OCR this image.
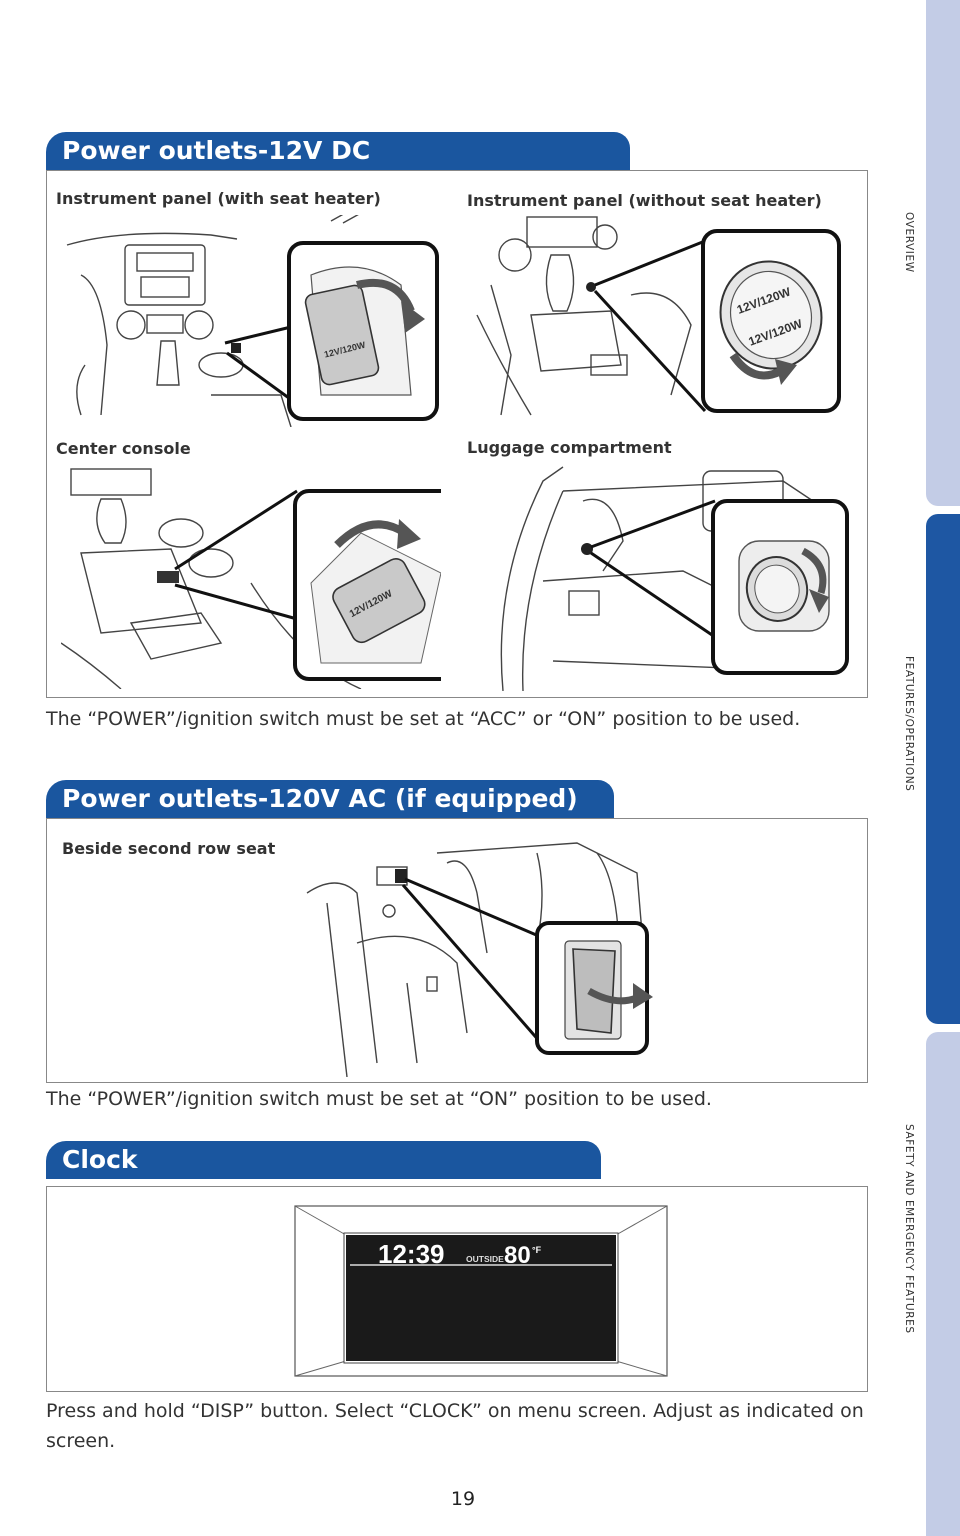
OVERVIEW
FEATURES/OPERATIONS
SAFETY AND EMERGENCY FEATURES
Power outlets-12V DC
Instrument panel (with seat heater)	Instrument panel (without seat heater)
Center console	Luggage compartment
12V/120W
12V/120W
12V/120W
12V/120W
The “POWER”/ignition switch must be set at “ACC” or “ON” position to be used.
Power outlets-120V AC (if equipped)
Beside second row seat
The “POWER”/ignition switch must be set at “ON” position to be used.
Clock
12:39	OUTSIDE 80 °F
Press and hold “DISP” button. Select “CLOCK” on menu screen. Adjust as indicated on screen.
19
